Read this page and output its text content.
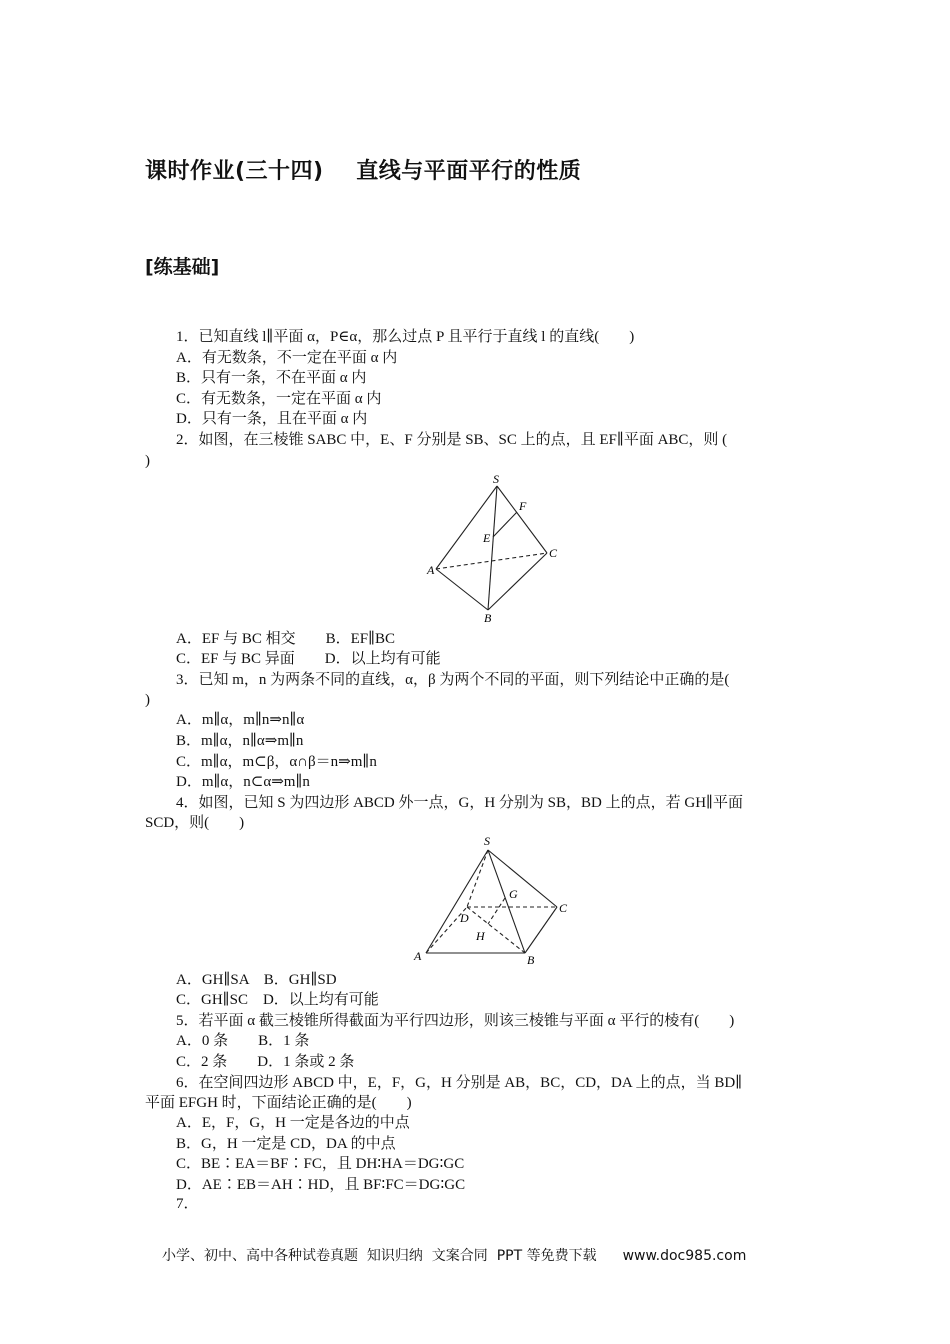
课时作业(三十四)    直线与平面平行的性质
[练基础]
1．已知直线 l∥平面 α，P∈α，那么过点 P 且平行于直线 l 的直线(　　)
A．有无数条，不一定在平面 α 内
B．只有一条，不在平面 α 内
C．有无数条，一定在平面 α 内
D．只有一条，且在平面 α 内
2．如图，在三棱锥 SABC 中，E、F 分别是 SB、SC 上的点，且 EF∥平面 ABC，则 (
)
S
F
E
C
A
B
S
G
C
D
H
A	B
A．EF 与 BC 相交　　B．EF∥BC
C．EF 与 BC 异面　　D．以上均有可能
3．已知 m，n 为两条不同的直线，α，β 为两个不同的平面，则下列结论中正确的是(
)
A．m∥α，m∥n⇒n∥α
B．m∥α，n∥α⇒m∥n
C．m∥α，m⊂β，α∩β＝n⇒m∥n
D．m∥α，n⊂α⇒m∥n
4．如图，已知 S 为四边形 ABCD 外一点，G，H 分别为 SB，BD 上的点，若 GH∥平面
SCD，则(　　)
A．GH∥SA　B．GH∥SD
C．GH∥SC　D．以上均有可能
5．若平面 α 截三棱锥所得截面为平行四边形，则该三棱锥与平面 α 平行的棱有(　　)
A．0 条　　B．1 条
C．2 条　　D．1 条或 2 条
6．在空间四边形 ABCD 中，E，F，G，H 分别是 AB，BC，CD，DA 上的点，当 BD∥
平面 EFGH 时，下面结论正确的是(　　)
A．E，F，G，H 一定是各边的中点
B．G，H 一定是 CD，DA 的中点
C．BE∶EA＝BF∶FC，且 DH∶HA＝DG∶GC
D．AE∶EB＝AH∶HD，且 BF∶FC＝DG∶GC
7．
小学、初中、高中各种试卷真题  知识归纳  文案合同  PPT 等免费下载 www.doc985.com
